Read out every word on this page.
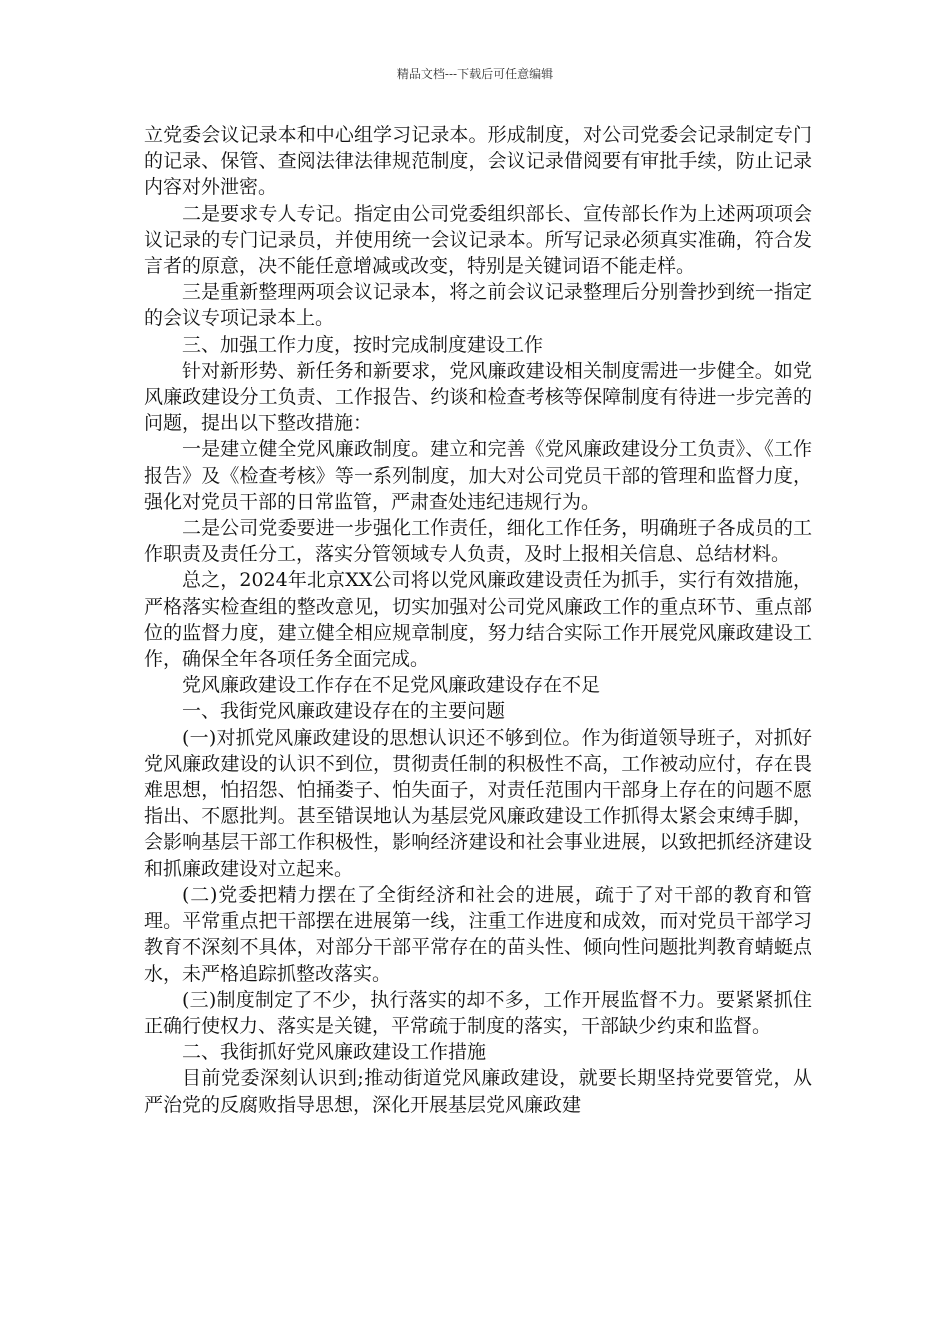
精品文档---下载后可任意编辑

立党委会议记录本和中心组学习记录本。形成制度，对公司党委会记录制定专门的记录、保管、查阅法律法律规范制度，会议记录借阅要有审批手续，防止记录内容对外泄密。

二是要求专人专记。指定由公司党委组织部长、宣传部长作为上述两项项会议记录的专门记录员，并使用统一会议记录本。所写记录必须真实准确，符合发言者的原意，决不能任意增减或改变，特别是关键词语不能走样。

三是重新整理两项会议记录本，将之前会议记录整理后分别誊抄到统一指定的会议专项记录本上。

三、加强工作力度，按时完成制度建设工作

针对新形势、新任务和新要求，党风廉政建设相关制度需进一步健全。如党风廉政建设分工负责、工作报告、约谈和检查考核等保障制度有待进一步完善的问题，提出以下整改措施：

一是建立健全党风廉政制度。建立和完善《党风廉政建设分工负责》、《工作报告》及《检查考核》等一系列制度，加大对公司党员干部的管理和监督力度，强化对党员干部的日常监管，严肃查处违纪违规行为。

二是公司党委要进一步强化工作责任，细化工作任务，明确班子各成员的工作职责及责任分工，落实分管领域专人负责，及时上报相关信息、总结材料。

总之，2024年北京XX公司将以党风廉政建设责任为抓手，实行有效措施，严格落实检查组的整改意见，切实加强对公司党风廉政工作的重点环节、重点部位的监督力度，建立健全相应规章制度，努力结合实际工作开展党风廉政建设工作，确保全年各项任务全面完成。

党风廉政建设工作存在不足党风廉政建设存在不足

一、我街党风廉政建设存在的主要问题

(一)对抓党风廉政建设的思想认识还不够到位。作为街道领导班子，对抓好党风廉政建设的认识不到位，贯彻责任制的积极性不高，工作被动应付，存在畏难思想，怕招怨、怕捅娄子、怕失面子，对责任范围内干部身上存在的问题不愿指出、不愿批判。甚至错误地认为基层党风廉政建设工作抓得太紧会束缚手脚，会影响基层干部工作积极性，影响经济建设和社会事业进展，以致把抓经济建设和抓廉政建设对立起来。

(二)党委把精力摆在了全街经济和社会的进展，疏于了对干部的教育和管理。平常重点把干部摆在进展第一线，注重工作进度和成效，而对党员干部学习教育不深刻不具体，对部分干部平常存在的苗头性、倾向性问题批判教育蜻蜓点水，未严格追踪抓整改落实。

(三)制度制定了不少，执行落实的却不多，工作开展监督不力。要紧紧抓住正确行使权力、落实是关键，平常疏于制度的落实，干部缺少约束和监督。

二、我街抓好党风廉政建设工作措施

目前党委深刻认识到;推动街道党风廉政建设，就要长期坚持党要管党，从严治党的反腐败指导思想，深化开展基层党风廉政建
